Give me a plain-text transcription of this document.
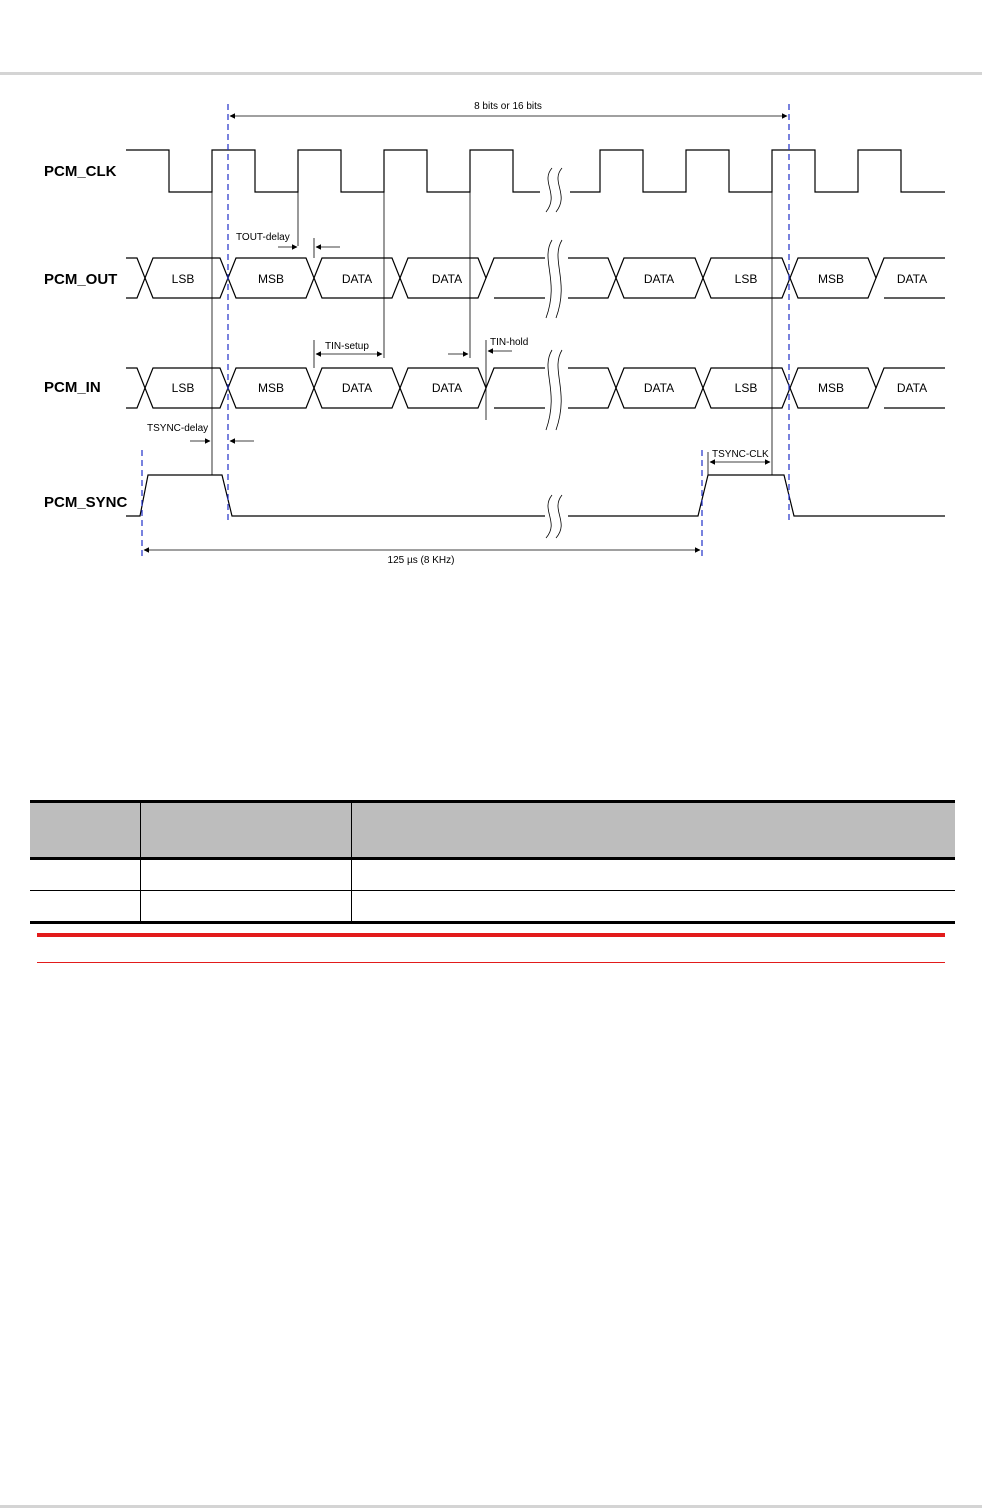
PCM_CLK
PCM_OUT
PCM_IN
PCM_SYNC
LSB	MSB	DATA	DATA	DATA	LSB	MSB	DATA
LSB	MSB	DATA	DATA	DATA	LSB	MSB	DATA
8 bits or 16 bits
TOUT-delay
TIN-setup	TIN-hold
TSYNC-delay
TSYNC-CLK
125 µs (8 KHz)
